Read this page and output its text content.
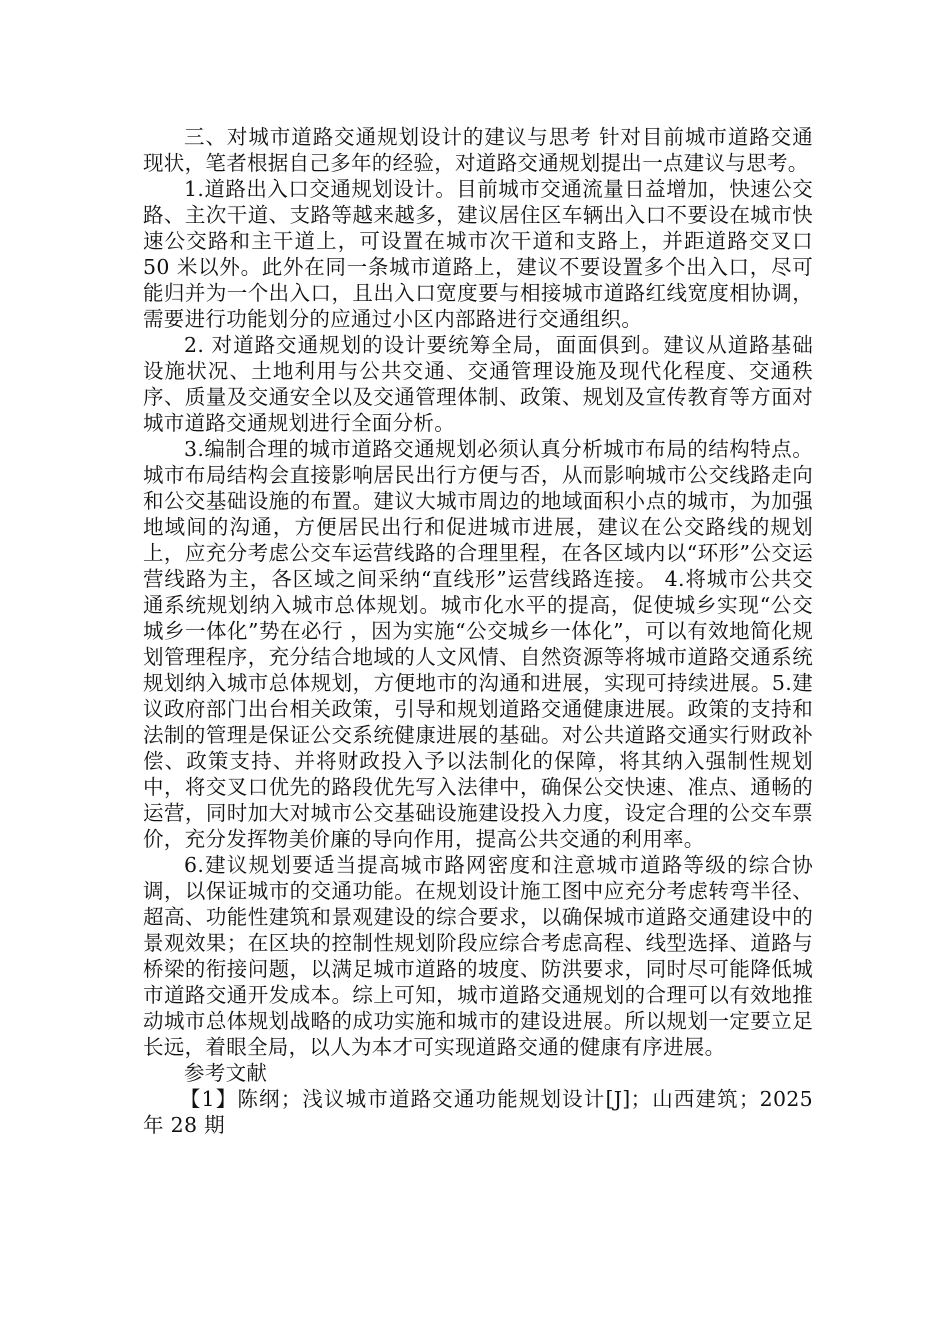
三、对城市道路交通规划设计的建议与思考 针对目前城市道路交通现状，笔者根据自己多年的经验，对道路交通规划提出一点建议与思考。

1.道路出入口交通规划设计。目前城市交通流量日益增加，快速公交路、主次干道、支路等越来越多，建议居住区车辆出入口不要设在城市快速公交路和主干道上，可设置在城市次干道和支路上，并距道路交叉口 50 米以外。此外在同一条城市道路上，建议不要设置多个出入口，尽可能归并为一个出入口，且出入口宽度要与相接城市道路红线宽度相协调，需要进行功能划分的应通过小区内部路进行交通组织。

2. 对道路交通规划的设计要统筹全局，面面俱到。建议从道路基础设施状况、土地利用与公共交通、交通管理设施及现代化程度、交通秩序、质量及交通安全以及交通管理体制、政策、规划及宣传教育等方面对城市道路交通规划进行全面分析。

3.编制合理的城市道路交通规划必须认真分析城市布局的结构特点。城市布局结构会直接影响居民出行方便与否，从而影响城市公交线路走向和公交基础设施的布置。建议大城市周边的地域面积小点的城市，为加强地域间的沟通，方便居民出行和促进城市进展，建议在公交路线的规划上，应充分考虑公交车运营线路的合理里程，在各区域内以“环形”公交运营线路为主，各区域之间采纳“直线形”运营线路连接。 4.将城市公共交通系统规划纳入城市总体规划。城市化水平的提高，促使城乡实现“公交城乡一体化”势在必行 ，因为实施“公交城乡一体化”，可以有效地简化规划管理程序，充分结合地域的人文风情、自然资源等将城市道路交通系统规划纳入城市总体规划，方便地市的沟通和进展，实现可持续进展。5.建议政府部门出台相关政策，引导和规划道路交通健康进展。政策的支持和法制的管理是保证公交系统健康进展的基础。对公共道路交通实行财政补偿、政策支持、并将财政投入予以法制化的保障，将其纳入强制性规划中，将交叉口优先的路段优先写入法律中，确保公交快速、准点、通畅的运营，同时加大对城市公交基础设施建设投入力度，设定合理的公交车票价，充分发挥物美价廉的导向作用，提高公共交通的利用率。

6.建议规划要适当提高城市路网密度和注意城市道路等级的综合协调，以保证城市的交通功能。在规划设计施工图中应充分考虑转弯半径、超高、功能性建筑和景观建设的综合要求，以确保城市道路交通建设中的景观效果；在区块的控制性规划阶段应综合考虑高程、线型选择、道路与桥梁的衔接问题，以满足城市道路的坡度、防洪要求，同时尽可能降低城市道路交通开发成本。综上可知，城市道路交通规划的合理可以有效地推动城市总体规划战略的成功实施和城市的建设进展。所以规划一定要立足长远，着眼全局，以人为本才可实现道路交通的健康有序进展。

参考文献

【1】陈纲；浅议城市道路交通功能规划设计[J]；山西建筑；2025 年 28 期
